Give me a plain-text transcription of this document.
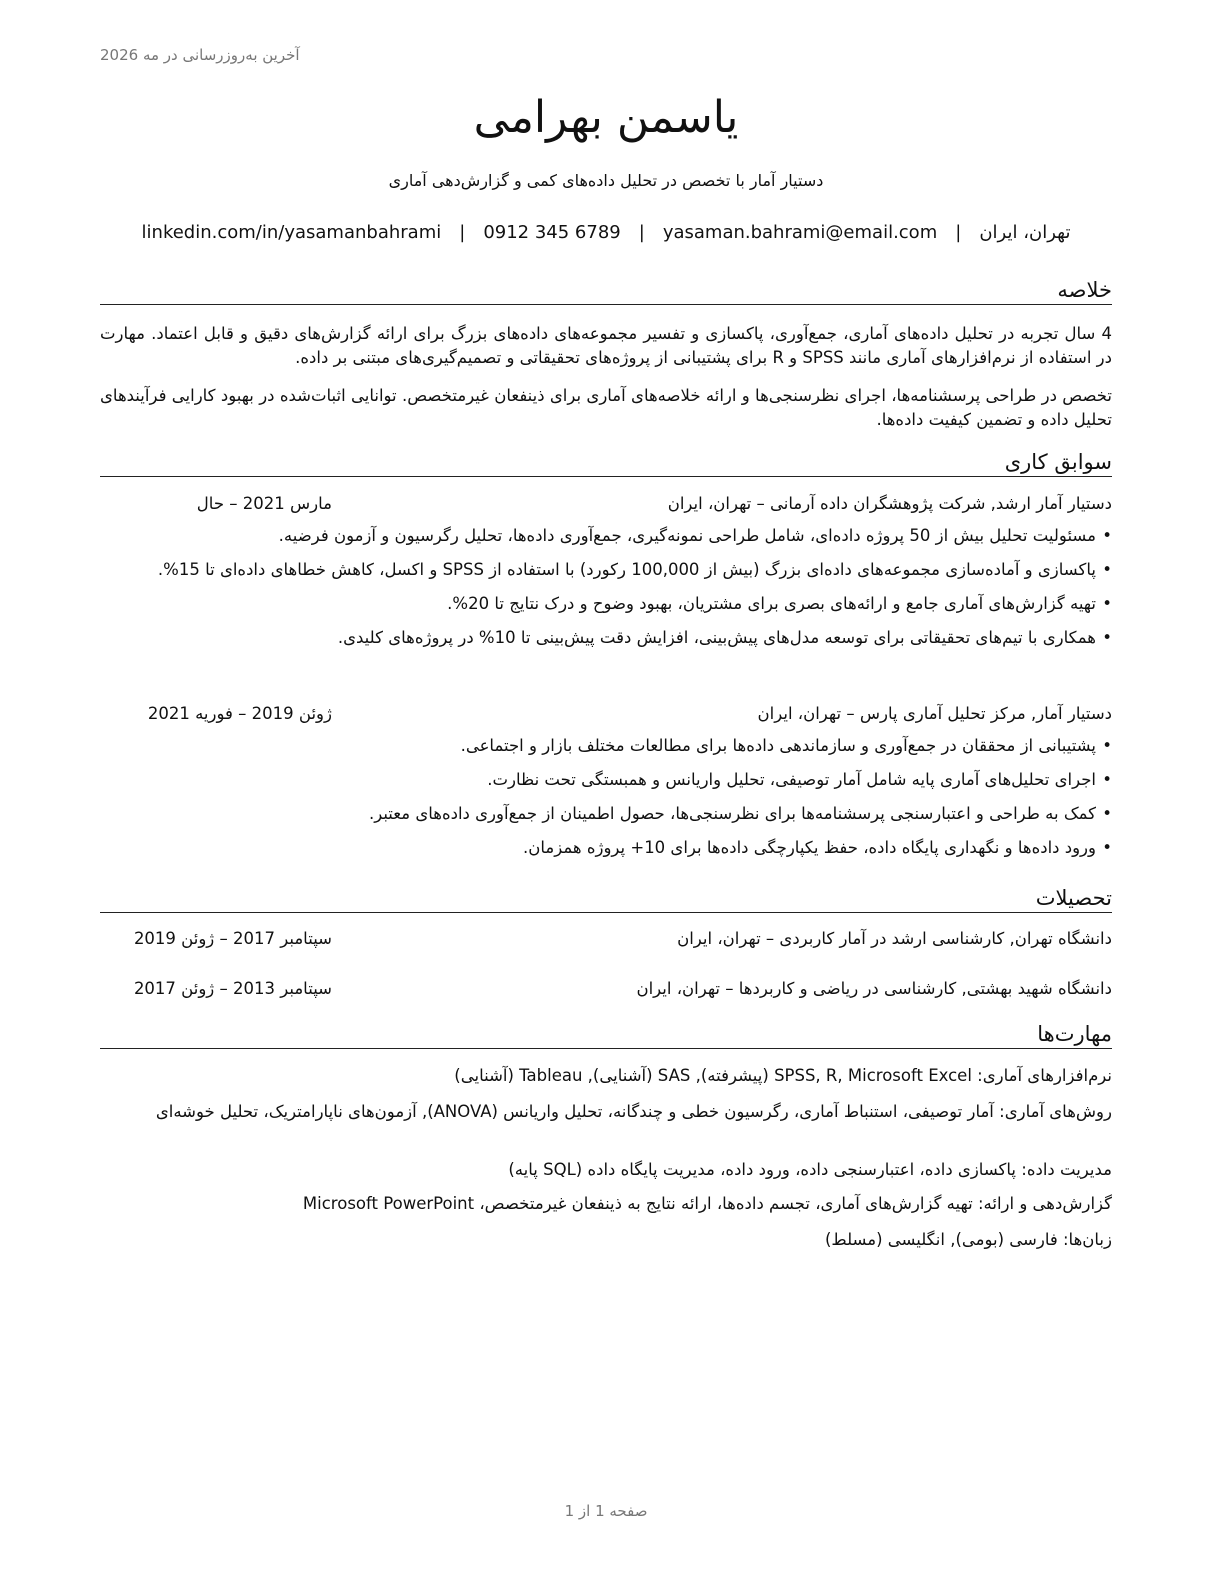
آخرین به‌روزرسانی در مه 2026
یاسمن بهرامی
دستیار آمار با تخصص در تحلیل داده‌های کمی و گزارش‌دهی آماری
تهران، ایران
|
yasaman.bahrami@email.com
|
0912 345 6789
|
linkedin.com/in/yasamanbahrami
خلاصه
4 سال تجربه در تحلیل داده‌های آماری، جمع‌آوری، پاکسازی و تفسیر مجموعه‌های داده‌های بزرگ برای ارائه گزارش‌های دقیق و قابل اعتماد. مهارت در استفاده از نرم‌افزارهای آماری مانند SPSS و R برای پشتیبانی از پروژه‌های تحقیقاتی و تصمیم‌گیری‌های مبتنی بر داده.
تخصص در طراحی پرسشنامه‌ها، اجرای نظرسنجی‌ها و ارائه خلاصه‌های آماری برای ذینفعان غیرمتخصص. توانایی اثبات‌شده در بهبود کارایی فرآیندهای تحلیل داده و تضمین کیفیت داده‌ها.
سوابق کاری
دستیار آمار ارشد, شرکت پژوهشگران داده آرمانی – تهران، ایران
مارس 2021 – حال
•
مسئولیت تحلیل بیش از 50 پروژه داده‌ای، شامل طراحی نمونه‌گیری، جمع‌آوری داده‌ها، تحلیل رگرسیون و آزمون فرضیه.
•
پاکسازی و آماده‌سازی مجموعه‌های داده‌ای بزرگ (بیش از 100,000 رکورد) با استفاده از SPSS و اکسل، کاهش خطاهای داده‌ای تا 15%.
•
تهیه گزارش‌های آماری جامع و ارائه‌های بصری برای مشتریان، بهبود وضوح و درک نتایج تا 20%.
•
همکاری با تیم‌های تحقیقاتی برای توسعه مدل‌های پیش‌بینی، افزایش دقت پیش‌بینی تا 10% در پروژه‌های کلیدی.
دستیار آمار, مرکز تحلیل آماری پارس – تهران، ایران
ژوئن 2019 – فوریه 2021
•
پشتیبانی از محققان در جمع‌آوری و سازماندهی داده‌ها برای مطالعات مختلف بازار و اجتماعی.
•
اجرای تحلیل‌های آماری پایه شامل آمار توصیفی، تحلیل واریانس و همبستگی تحت نظارت.
•
کمک به طراحی و اعتبارسنجی پرسشنامه‌ها برای نظرسنجی‌ها، حصول اطمینان از جمع‌آوری داده‌های معتبر.
•
ورود داده‌ها و نگهداری پایگاه داده، حفظ یکپارچگی داده‌ها برای 10+ پروژه همزمان.
تحصیلات
دانشگاه تهران, کارشناسی ارشد در آمار کاربردی – تهران، ایران
سپتامبر 2017 – ژوئن 2019
دانشگاه شهید بهشتی, کارشناسی در ریاضی و کاربردها – تهران، ایران
سپتامبر 2013 – ژوئن 2017
مهارت‌ها
نرم‌افزارهای آماری: SPSS, R, Microsoft Excel (پیشرفته), SAS (آشنایی), Tableau (آشنایی)
روش‌های آماری: آمار توصیفی، استنباط آماری، رگرسیون خطی و چندگانه، تحلیل واریانس (ANOVA), آزمون‌های ناپارامتریک، تحلیل خوشه‌ای
مدیریت داده: پاکسازی داده، اعتبارسنجی داده، ورود داده، مدیریت پایگاه داده (SQL پایه)
گزارش‌دهی و ارائه: تهیه گزارش‌های آماری، تجسم داده‌ها، ارائه نتایج به ذینفعان غیرمتخصص، Microsoft PowerPoint
زبان‌ها: فارسی (بومی), انگلیسی (مسلط)
صفحه 1 از 1
